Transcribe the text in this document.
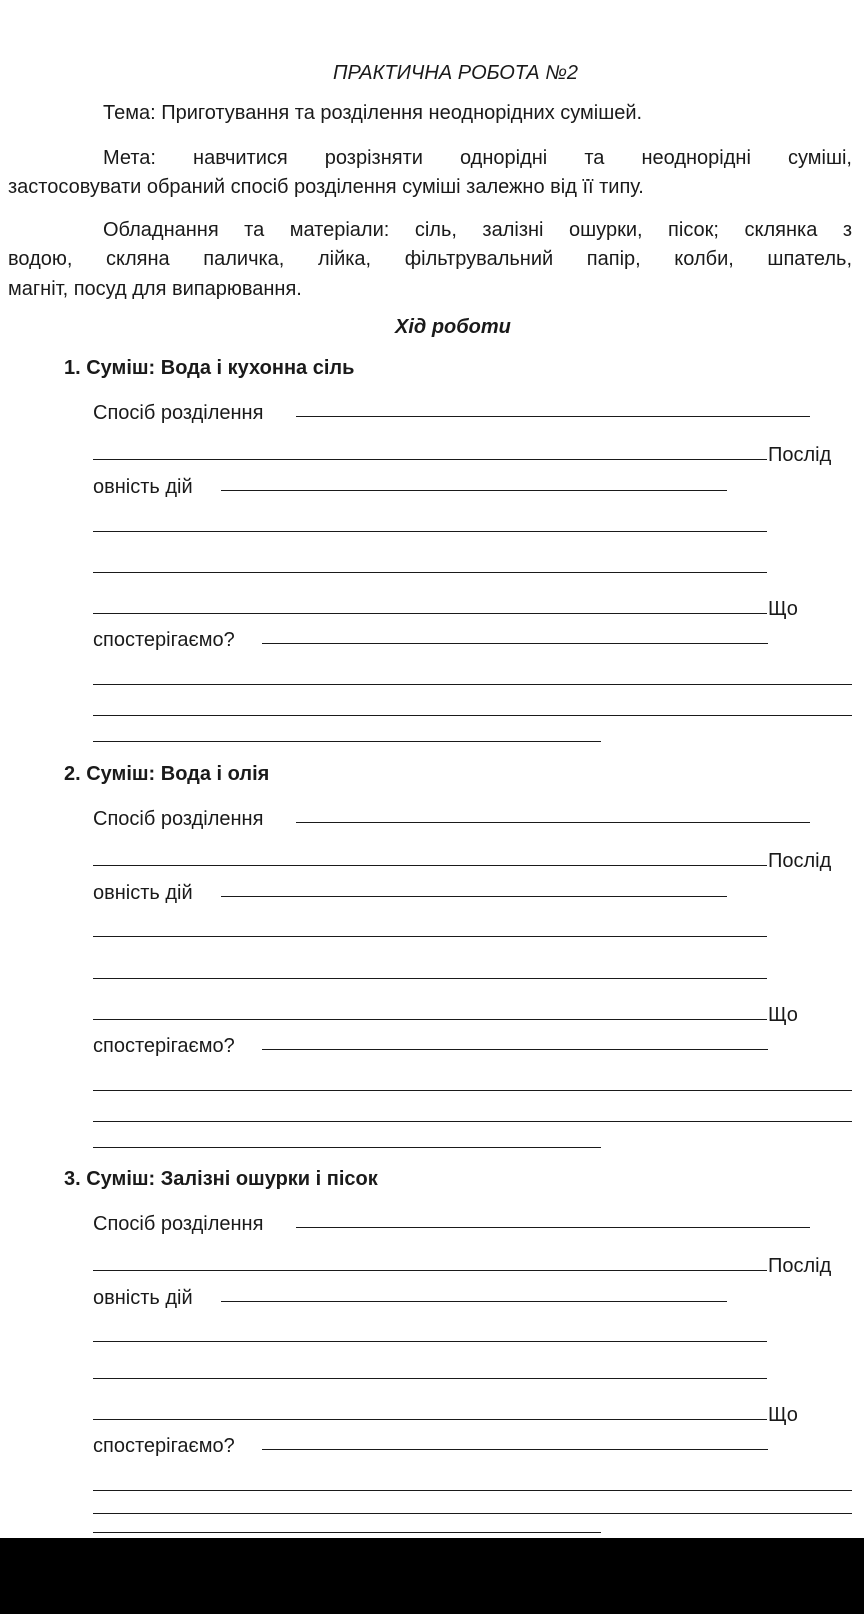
ПРАКТИЧНА РОБОТА №2
Тема: Приготування та розділення неоднорідних сумішей.
Мета: навчитися розрізняти однорідні та неоднорідні суміші,
застосовувати обраний спосіб розділення суміші залежно від її типу.
Обладнання та матеріали: сіль, залізні ошурки, пісок; склянка з
водою, скляна паличка, лійка, фільтрувальний папір, колби, шпатель,
магніт, посуд для випарювання.
Хід роботи
1. Суміш: Вода і кухонна сіль
Спосіб розділення
Послід
овність дій
Що
спостерігаємо?
2. Суміш: Вода і олія
Спосіб розділення
Послід
овність дій
Що
спостерігаємо?
3. Суміш: Залізні ошурки і пісок
Спосіб розділення
Послід
овність дій
Що
спостерігаємо?
